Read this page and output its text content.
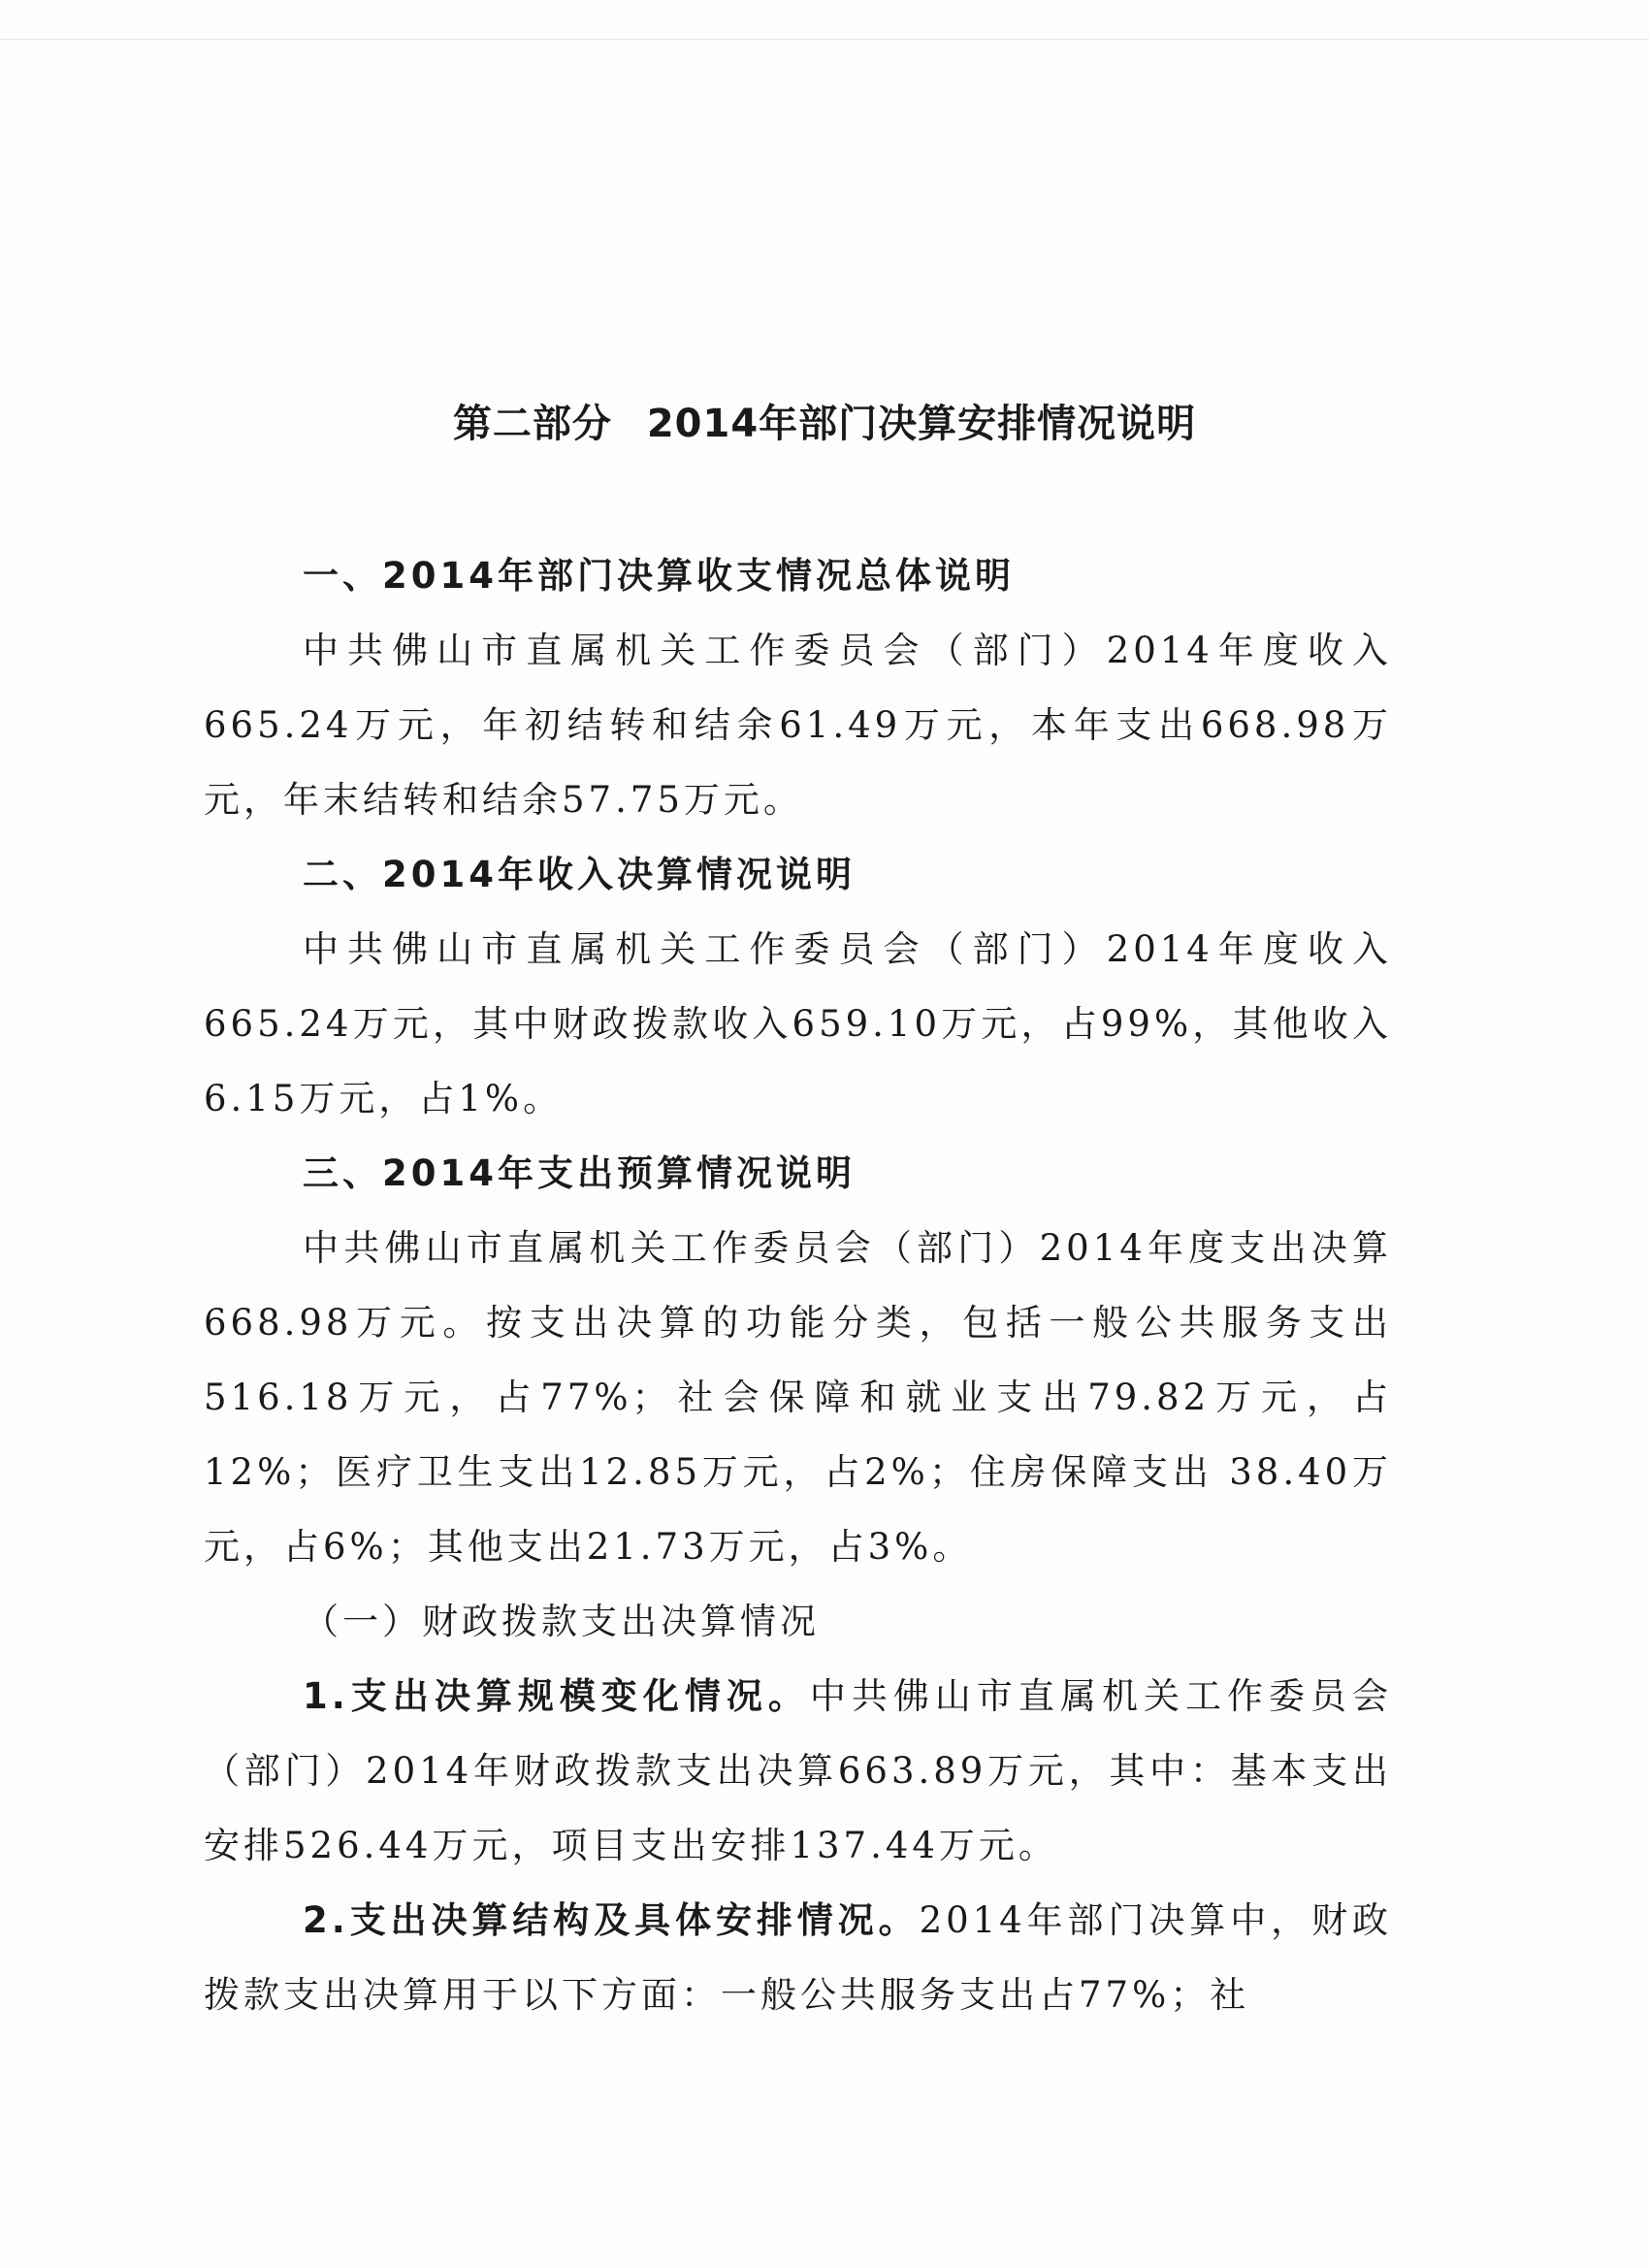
第二部分 2014年部门决算安排情况说明

一、2014年部门决算收支情况总体说明

中共佛山市直属机关工作委员会（部门）2014年度收入665.24万元，年初结转和结余61.49万元，本年支出668.98万元，年末结转和结余57.75万元。

二、2014年收入决算情况说明

中共佛山市直属机关工作委员会（部门）2014年度收入665.24万元，其中财政拨款收入659.10万元，占99%，其他收入6.15万元，占1%。

三、2014年支出预算情况说明

中共佛山市直属机关工作委员会（部门）2014年度支出决算668.98万元。按支出决算的功能分类，包括一般公共服务支出516.18万元，占77%；社会保障和就业支出79.82万元，占12%；医疗卫生支出12.85万元，占2%；住房保障支出 38.40万元，占6%；其他支出21.73万元，占3%。

（一）财政拨款支出决算情况

1.支出决算规模变化情况。中共佛山市直属机关工作委员会（部门）2014年财政拨款支出决算663.89万元，其中：基本支出安排526.44万元，项目支出安排137.44万元。

2.支出决算结构及具体安排情况。2014年部门决算中，财政拨款支出决算用于以下方面：一般公共服务支出占77%；社
